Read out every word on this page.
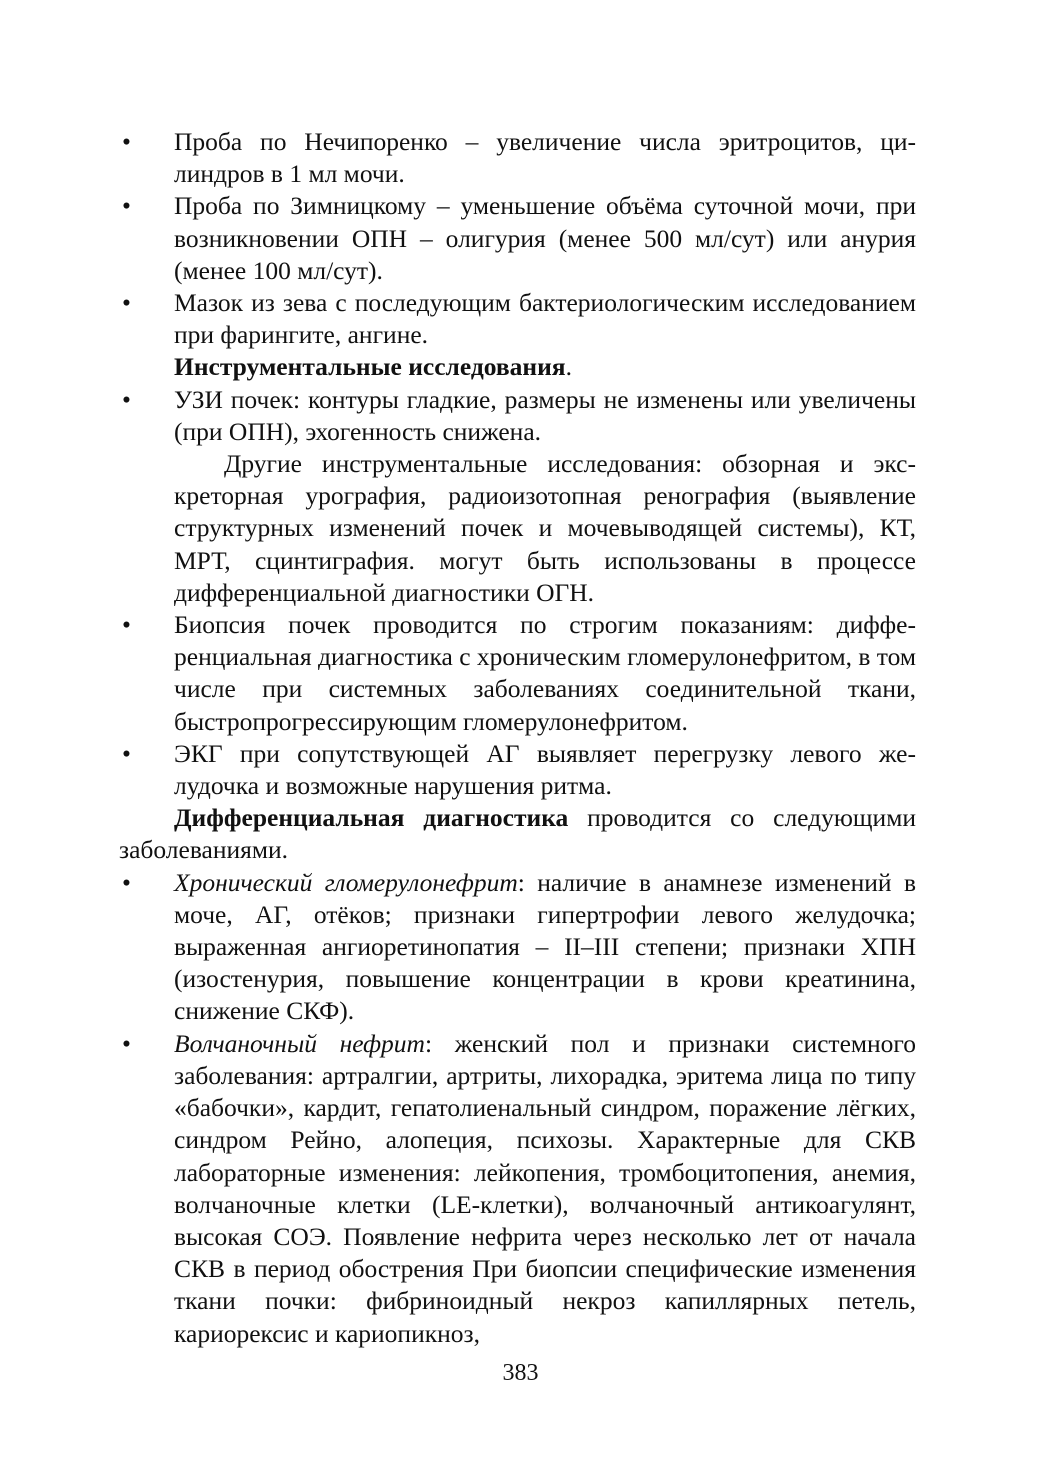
• Проба по Нечипоренко – увеличение числа эритроцитов, цилиндров в 1 мл мочи.
• Проба по Зимницкому – уменьшение объёма суточной мочи, при возникновении ОПН – олигурия (менее 500 мл/сут) или анурия (менее 100 мл/сут).
• Мазок из зева с последующим бактериологическим исследованием при фарингите, ангине.
Инструментальные исследования.
• УЗИ почек: контуры гладкие, размеры не изменены или увеличены (при ОПН), эхогенность снижена.
Другие инструментальные исследования: обзорная и экскреторная урография, радиоизотопная ренография (выявление структурных изменений почек и мочевыводящей системы), КТ, МРТ, сцинтиграфия. могут быть использованы в процессе дифференциальной диагностики ОГН.
• Биопсия почек проводится по строгим показаниям: дифференциальная диагностика с хроническим гломерулонефритом, в том числе при системных заболеваниях соединительной ткани, быстропрогрессирующим гломерулонефритом.
• ЭКГ при сопутствующей АГ выявляет перегрузку левого желудочка и возможные нарушения ритма.
Дифференциальная диагностика проводится со следующими заболеваниями.
• Хронический гломерулонефрит: наличие в анамнезе изменений в моче, АГ, отёков; признаки гипертрофии левого желудочка; выраженная ангиоретинопатия – II–III степени; признаки ХПН (изостенурия, повышение концентрации в крови креатинина, снижение СКФ).
• Волчаночный нефрит: женский пол и признаки системного заболевания: артралгии, артриты, лихорадка, эритема лица по типу «бабочки», кардит, гепатолиенальный синдром, поражение лёгких, синдром Рейно, алопеция, психозы. Характерные для СКВ лабораторные изменения: лейкопения, тромбоцитопения, анемия, волчаночные клетки (LE-клетки), волчаночный антикоагулянт, высокая СОЭ. Появление нефрита через несколько лет от начала СКВ в период обострения При биопсии специфические изменения ткани почки: фибриноидный некроз капиллярных петель, кариорексис и кариопикноз,
383
